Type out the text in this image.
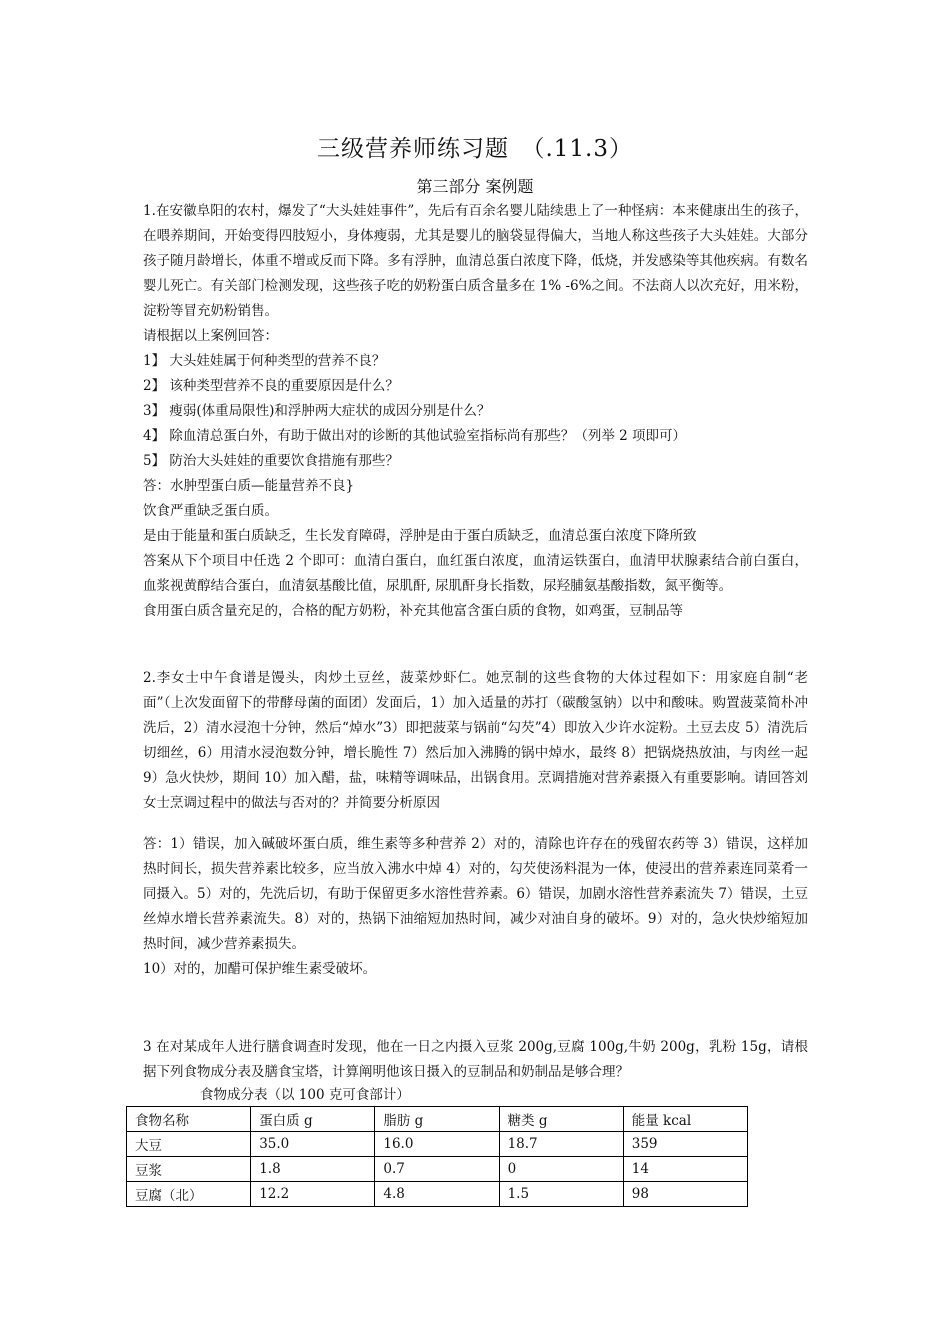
三级营养师练习题　（.11.3）
第三部分 案例题

1.在安徽阜阳的农村，爆发了“大头娃娃事件”，先后有百余名婴儿陆续患上了一种怪病：本来健康出生的孩子，在喂养期间，开始变得四肢短小，身体瘦弱，尤其是婴儿的脑袋显得偏大，当地人称这些孩子大头娃娃。大部分孩子随月龄增长，体重不增或反而下降。多有浮肿，血清总蛋白浓度下降，低烧，并发感染等其他疾病。有数名婴儿死亡。有关部门检测发现，这些孩子吃的奶粉蛋白质含量多在 1% -6%之间。不法商人以次充好，用米粉，淀粉等冒充奶粉销售。

请根据以上案例回答：

1】 大头娃娃属于何种类型的营养不良？

2】 该种类型营养不良的重要原因是什么？

3】 瘦弱(体重局限性)和浮肿两大症状的成因分别是什么？

4】 除血清总蛋白外，有助于做出对的诊断的其他试验室指标尚有那些？（列举 2 项即可）

5】 防治大头娃娃的重要饮食措施有那些？

答：水肿型蛋白质—能量营养不良}

饮食严重缺乏蛋白质。

是由于能量和蛋白质缺乏，生长发育障碍，浮肿是由于蛋白质缺乏，血清总蛋白浓度下降所致

答案从下个项目中任选 2 个即可：血清白蛋白，血红蛋白浓度，血清运铁蛋白，血清甲状腺素结合前白蛋白，血浆视黄醇结合蛋白，血清氨基酸比值，尿肌酐, 尿肌酐身长指数，尿羟脯氨基酸指数，氮平衡等。

食用蛋白质含量充足的，合格的配方奶粉，补充其他富含蛋白质的食物，如鸡蛋，豆制品等

2.李女士中午食谱是馒头，肉炒土豆丝，菠菜炒虾仁。她烹制的这些食物的大体过程如下：用家庭自制“老面”（上次发面留下的带酵母菌的面团）发面后，1）加入适量的苏打（碳酸氢钠）以中和酸味。购置菠菜简朴冲洗后，2）清水浸泡十分钟，然后“焯水”3）即把菠菜与锅前“勾芡”4）即放入少许水淀粉。土豆去皮 5）清洗后切细丝，6）用清水浸泡数分钟，增长脆性 7）然后加入沸腾的锅中焯水，最终 8）把锅烧热放油，与肉丝一起 9）急火快炒，期间 10）加入醋，盐，味精等调味品，出锅食用。烹调措施对营养素摄入有重要影响。请回答刘女士烹调过程中的做法与否对的？并简要分析原因

答：1）错误，加入碱破坏蛋白质，维生素等多种营养 2）对的，清除也许存在的残留农药等 3）错误，这样加热时间长，损失营养素比较多，应当放入沸水中焯 4）对的，勾芡使汤料混为一体，使浸出的营养素连同菜肴一同摄入。5）对的，先洗后切，有助于保留更多水溶性营养素。6）错误，加剧水溶性营养素流失 7）错误，土豆丝焯水增长营养素流失。8）对的，热锅下油缩短加热时间，减少对油自身的破坏。9）对的，急火快炒缩短加热时间，减少营养素损失。

10）对的，加醋可保护维生素受破坏。

3 在对某成年人进行膳食调查时发现，他在一日之内摄入豆浆 200g,豆腐 100g,牛奶 200g，乳粉 15g，请根据下列食物成分表及膳食宝塔，计算阐明他该日摄入的豆制品和奶制品是够合理？

食物成分表（以 100 克可食部计）
食物名称	蛋白质 g	脂肪 g	糖类 g	能量 kcal
大豆	35.0	16.0	18.7	359
豆浆	1.8	0.7	0	14
豆腐（北）	12.2	4.8	1.5	98
